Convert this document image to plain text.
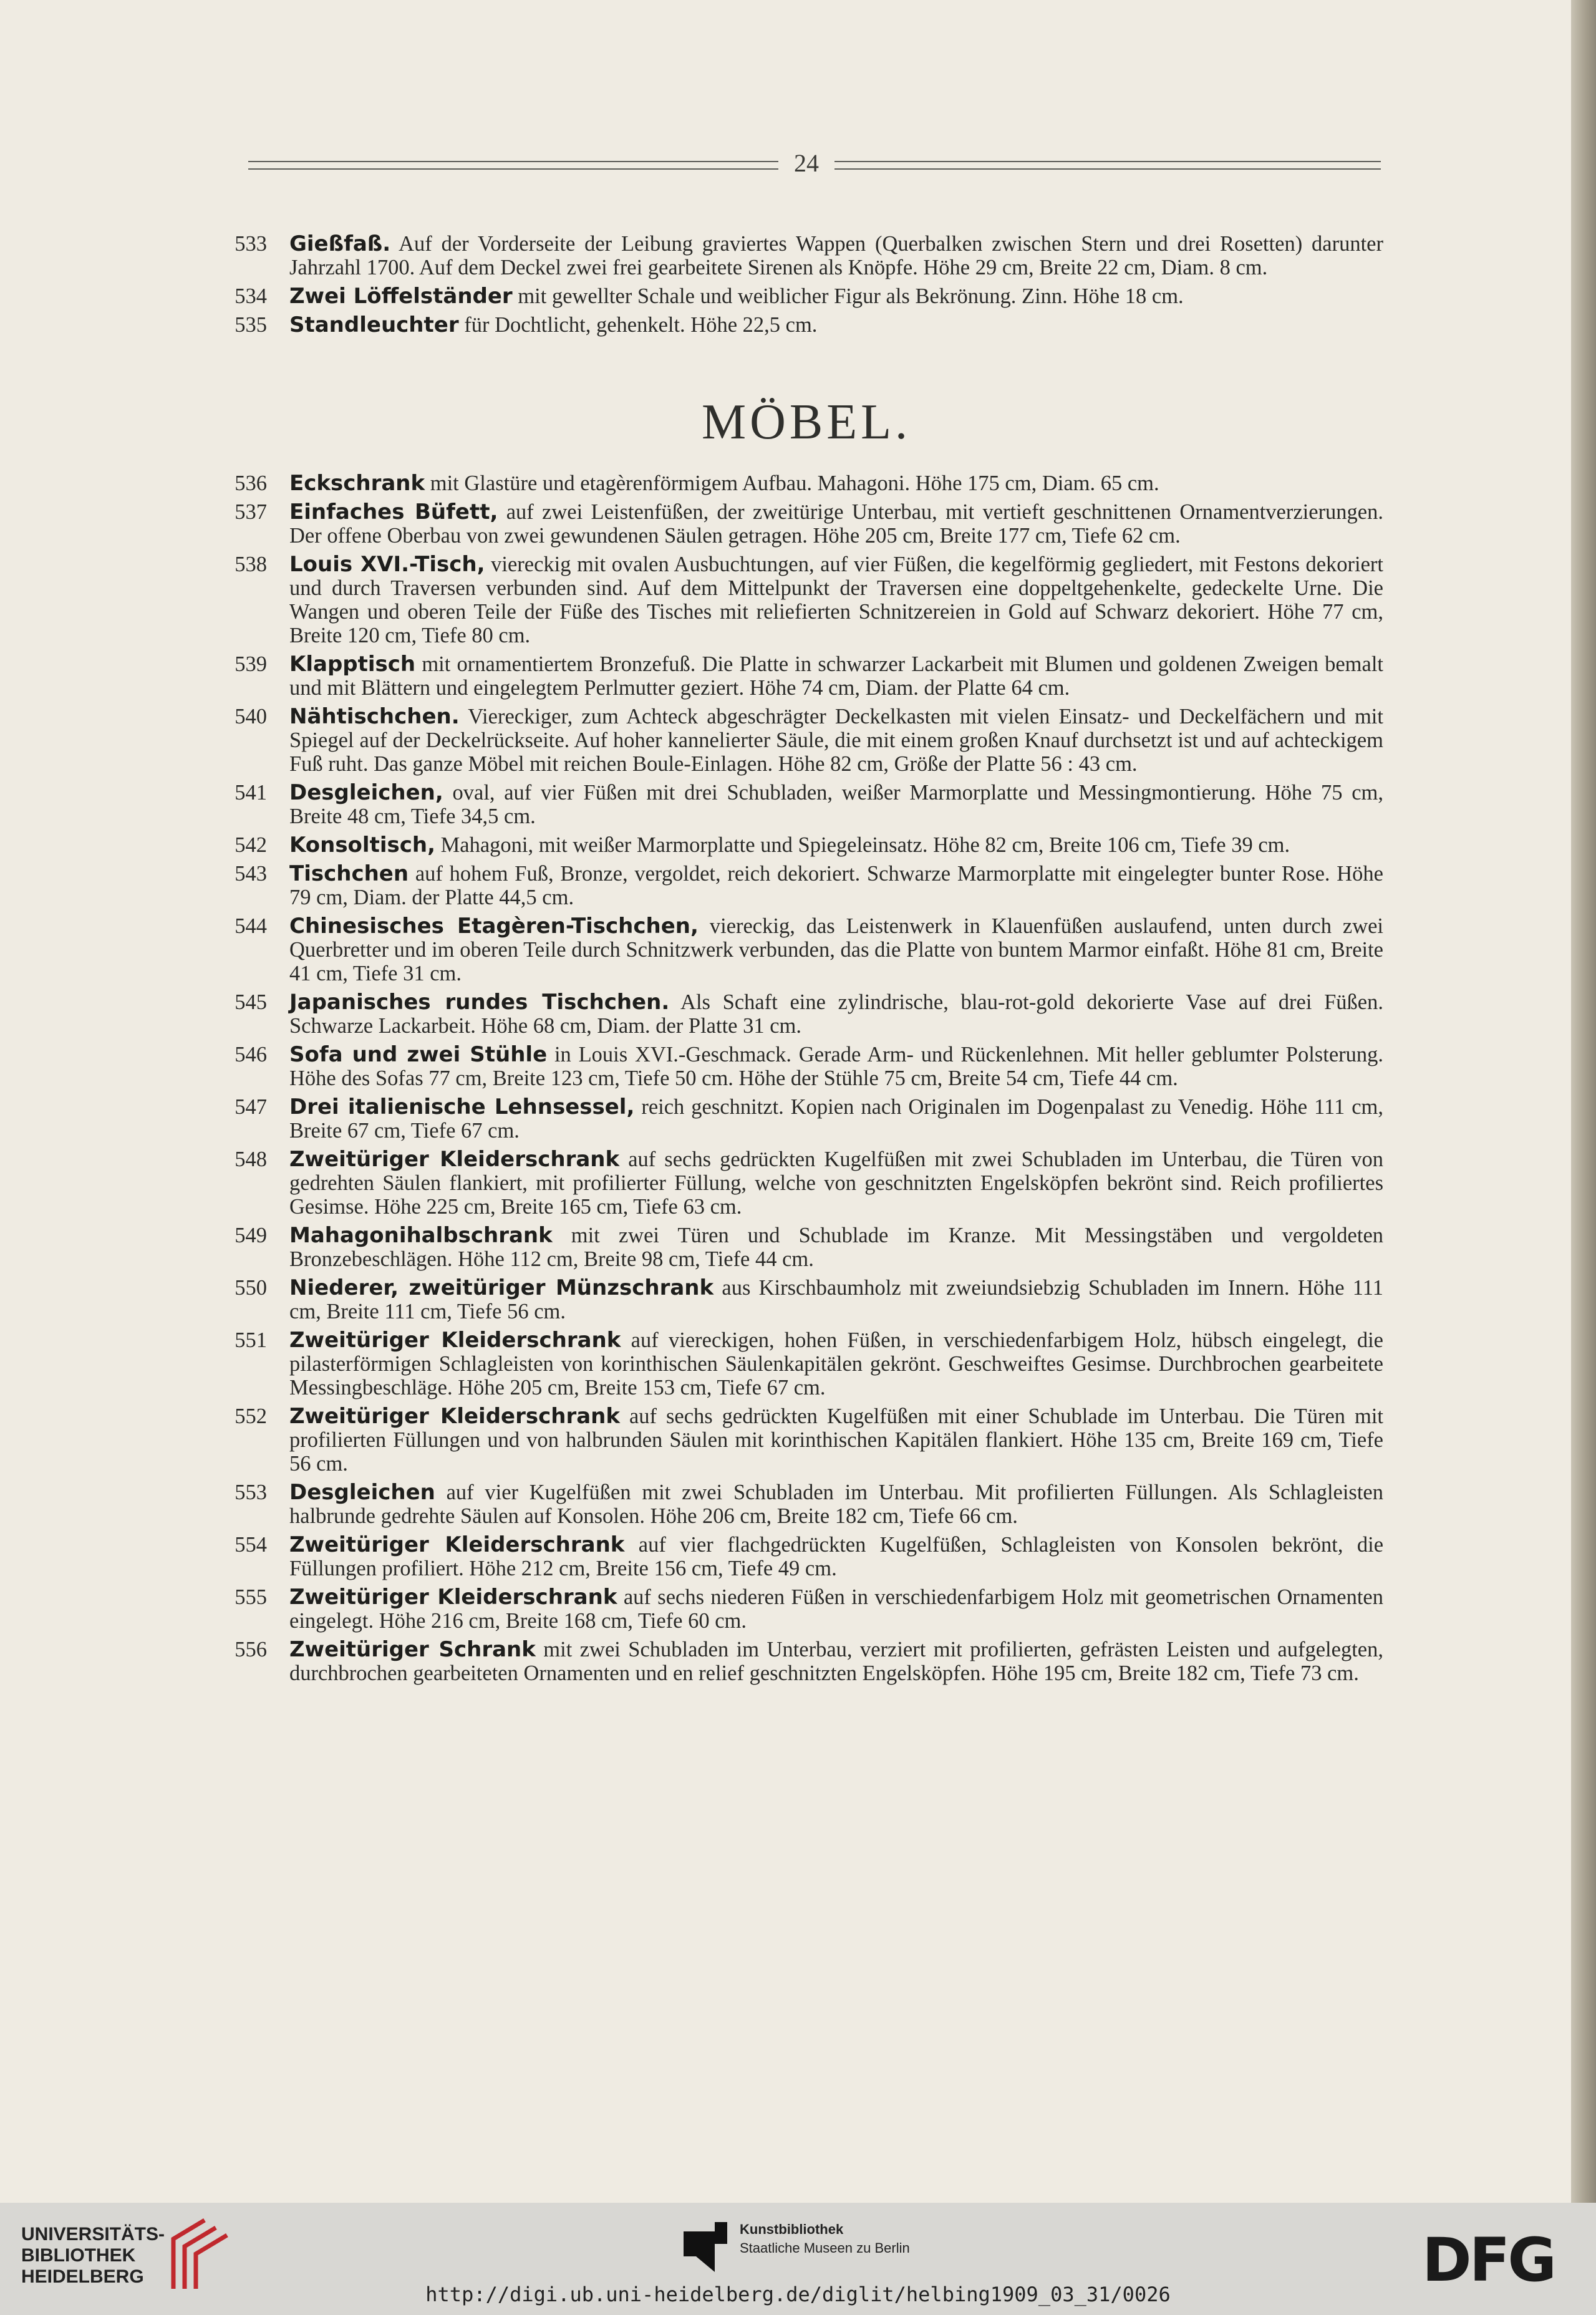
24
533 Gießfaß. Auf der Vorderseite der Leibung graviertes Wappen (Querbalken zwischen Stern und drei Rosetten) darunter Jahrzahl 1700. Auf dem Deckel zwei frei gearbeitete Sirenen als Knöpfe. Höhe 29 cm, Breite 22 cm, Diam. 8 cm.
534 Zwei Löffelständer mit gewellter Schale und weiblicher Figur als Bekrönung. Zinn. Höhe 18 cm.
535 Standleuchter für Dochtlicht, gehenkelt. Höhe 22,5 cm.
MÖBEL.
536 Eckschrank mit Glastüre und etagèrenförmigem Aufbau. Mahagoni. Höhe 175 cm, Diam. 65 cm.
537 Einfaches Büfett, auf zwei Leistenfüßen, der zweitürige Unterbau, mit vertieft geschnittenen Ornamentverzierungen. Der offene Oberbau von zwei gewundenen Säulen getragen. Höhe 205 cm, Breite 177 cm, Tiefe 62 cm.
538 Louis XVI.-Tisch, viereckig mit ovalen Ausbuchtungen, auf vier Füßen, die kegelförmig gegliedert, mit Festons dekoriert und durch Traversen verbunden sind. Auf dem Mittelpunkt der Traversen eine doppeltgehenkelte, gedeckelte Urne. Die Wangen und oberen Teile der Füße des Tisches mit reliefierten Schnitzereien in Gold auf Schwarz dekoriert. Höhe 77 cm, Breite 120 cm, Tiefe 80 cm.
539 Klapptisch mit ornamentiertem Bronzefuß. Die Platte in schwarzer Lackarbeit mit Blumen und goldenen Zweigen bemalt und mit Blättern und eingelegtem Perlmutter geziert. Höhe 74 cm, Diam. der Platte 64 cm.
540 Nähtischchen. Viereckiger, zum Achteck abgeschrägter Deckelkasten mit vielen Einsatz- und Deckelfächern und mit Spiegel auf der Deckelrückseite. Auf hoher kannelierter Säule, die mit einem großen Knauf durchsetzt ist und auf achteckigem Fuß ruht. Das ganze Möbel mit reichen Boule-Einlagen. Höhe 82 cm, Größe der Platte 56 : 43 cm.
541 Desgleichen, oval, auf vier Füßen mit drei Schubladen, weißer Marmorplatte und Messingmontierung. Höhe 75 cm, Breite 48 cm, Tiefe 34,5 cm.
542 Konsoltisch, Mahagoni, mit weißer Marmorplatte und Spiegeleinsatz. Höhe 82 cm, Breite 106 cm, Tiefe 39 cm.
543 Tischchen auf hohem Fuß, Bronze, vergoldet, reich dekoriert. Schwarze Marmorplatte mit eingelegter bunter Rose. Höhe 79 cm, Diam. der Platte 44,5 cm.
544 Chinesisches Etagèren-Tischchen, viereckig, das Leistenwerk in Klauenfüßen auslaufend, unten durch zwei Querbretter und im oberen Teile durch Schnitzwerk verbunden, das die Platte von buntem Marmor einfaßt. Höhe 81 cm, Breite 41 cm, Tiefe 31 cm.
545 Japanisches rundes Tischchen. Als Schaft eine zylindrische, blau-rot-gold dekorierte Vase auf drei Füßen. Schwarze Lackarbeit. Höhe 68 cm, Diam. der Platte 31 cm.
546 Sofa und zwei Stühle in Louis XVI.-Geschmack. Gerade Arm- und Rückenlehnen. Mit heller geblumter Polsterung. Höhe des Sofas 77 cm, Breite 123 cm, Tiefe 50 cm. Höhe der Stühle 75 cm, Breite 54 cm, Tiefe 44 cm.
547 Drei italienische Lehnsessel, reich geschnitzt. Kopien nach Originalen im Dogenpalast zu Venedig. Höhe 111 cm, Breite 67 cm, Tiefe 67 cm.
548 Zweitüriger Kleiderschrank auf sechs gedrückten Kugelfüßen mit zwei Schubladen im Unterbau, die Türen von gedrehten Säulen flankiert, mit profilierter Füllung, welche von geschnitzten Engelsköpfen bekrönt sind. Reich profiliertes Gesimse. Höhe 225 cm, Breite 165 cm, Tiefe 63 cm.
549 Mahagonihalbschrank mit zwei Türen und Schublade im Kranze. Mit Messingstäben und vergoldeten Bronzebeschlägen. Höhe 112 cm, Breite 98 cm, Tiefe 44 cm.
550 Niederer, zweitüriger Münzschrank aus Kirschbaumholz mit zweiundsiebzig Schubladen im Innern. Höhe 111 cm, Breite 111 cm, Tiefe 56 cm.
551 Zweitüriger Kleiderschrank auf viereckigen, hohen Füßen, in verschiedenfarbigem Holz, hübsch eingelegt, die pilasterförmigen Schlagleisten von korinthischen Säulenkapitälen gekrönt. Geschweiftes Gesimse. Durchbrochen gearbeitete Messingbeschläge. Höhe 205 cm, Breite 153 cm, Tiefe 67 cm.
552 Zweitüriger Kleiderschrank auf sechs gedrückten Kugelfüßen mit einer Schublade im Unterbau. Die Türen mit profilierten Füllungen und von halbrunden Säulen mit korinthischen Kapitälen flankiert. Höhe 135 cm, Breite 169 cm, Tiefe 56 cm.
553 Desgleichen auf vier Kugelfüßen mit zwei Schubladen im Unterbau. Mit profilierten Füllungen. Als Schlagleisten halbrunde gedrehte Säulen auf Konsolen. Höhe 206 cm, Breite 182 cm, Tiefe 66 cm.
554 Zweitüriger Kleiderschrank auf vier flachgedrückten Kugelfüßen, Schlagleisten von Konsolen bekrönt, die Füllungen profiliert. Höhe 212 cm, Breite 156 cm, Tiefe 49 cm.
555 Zweitüriger Kleiderschrank auf sechs niederen Füßen in verschiedenfarbigem Holz mit geometrischen Ornamenten eingelegt. Höhe 216 cm, Breite 168 cm, Tiefe 60 cm.
556 Zweitüriger Schrank mit zwei Schubladen im Unterbau, verziert mit profilierten, gefrästen Leisten und aufgelegten, durchbrochen gearbeiteten Ornamenten und en relief geschnitzten Engelsköpfen. Höhe 195 cm, Breite 182 cm, Tiefe 73 cm.
UNIVERSITÄTS-
BIBLIOTHEK
HEIDELBERG
Kunstbibliothek
Staatliche Museen zu Berlin	DFG
http://digi.ub.uni-heidelberg.de/diglit/helbing1909_03_31/0026
